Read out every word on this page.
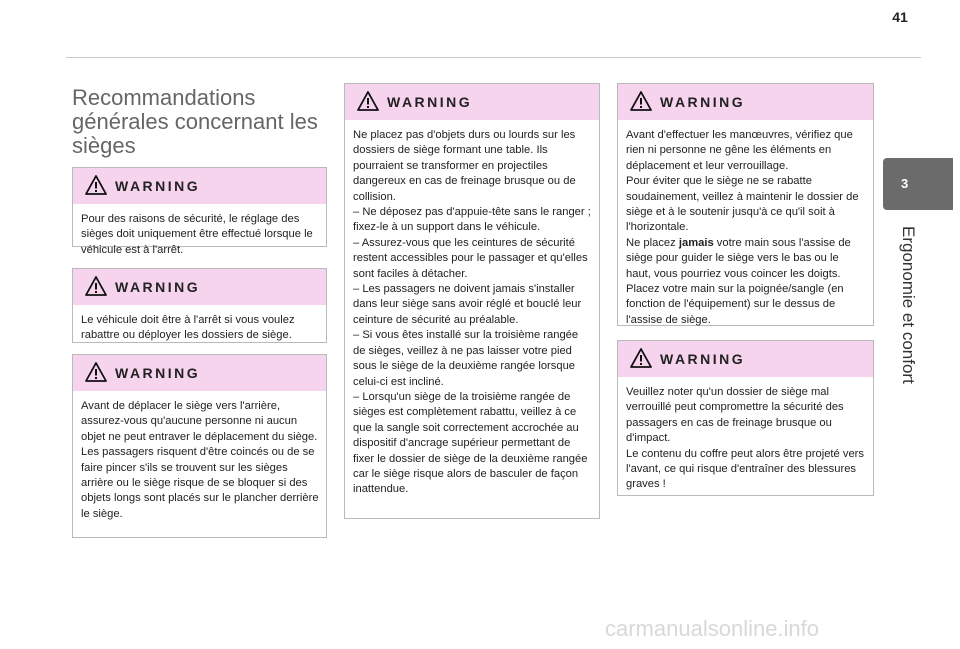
41
3
Ergonomie et confort
Recommandations générales concernant les sièges
WARNING
Pour des raisons de sécurité, le réglage des sièges doit uniquement être effectué lorsque le véhicule est à l'arrêt.
WARNING
Le véhicule doit être à l'arrêt si vous voulez rabattre ou déployer les dossiers de siège.
WARNING
Avant de déplacer le siège vers l'arrière, assurez-vous qu'aucune personne ni aucun objet ne peut entraver le déplacement du siège.
Les passagers risquent d'être coincés ou de se faire pincer s'ils se trouvent sur les sièges arrière ou le siège risque de se bloquer si des objets longs sont placés sur le plancher derrière le siège.
WARNING
Ne placez pas d'objets durs ou lourds sur les dossiers de siège formant une table. Ils pourraient se transformer en projectiles dangereux en cas de freinage brusque ou de collision.
– Ne déposez pas d'appuie-tête sans le ranger ; fixez-le à un support dans le véhicule.
– Assurez-vous que les ceintures de sécurité restent accessibles pour le passager et qu'elles sont faciles à détacher.
– Les passagers ne doivent jamais s'installer dans leur siège sans avoir réglé et bouclé leur ceinture de sécurité au préalable.
– Si vous êtes installé sur la troisième rangée de sièges, veillez à ne pas laisser votre pied sous le siège de la deuxième rangée lorsque celui-ci est incliné.
– Lorsqu'un siège de la troisième rangée de sièges est complètement rabattu, veillez à ce que la sangle soit correctement accrochée au dispositif d'ancrage supérieur permettant de fixer le dossier de siège de la deuxième rangée car le siège risque alors de basculer de façon inattendue.
WARNING
Avant d'effectuer les manœuvres, vérifiez que rien ni personne ne gêne les éléments en déplacement et leur verrouillage.
Pour éviter que le siège ne se rabatte soudainement, veillez à maintenir le dossier de siège et à le soutenir jusqu'à ce qu'il soit à l'horizontale.
Ne placez jamais votre main sous l'assise de siège pour guider le siège vers le bas ou le haut, vous pourriez vous coincer les doigts.
Placez votre main sur la poignée/sangle (en fonction de l'équipement) sur le dessus de l'assise de siège.
WARNING
Veuillez noter qu'un dossier de siège mal verrouillé peut compromettre la sécurité des passagers en cas de freinage brusque ou d'impact.
Le contenu du coffre peut alors être projeté vers l'avant, ce qui risque d'entraîner des blessures graves !
carmanualsonline.info
